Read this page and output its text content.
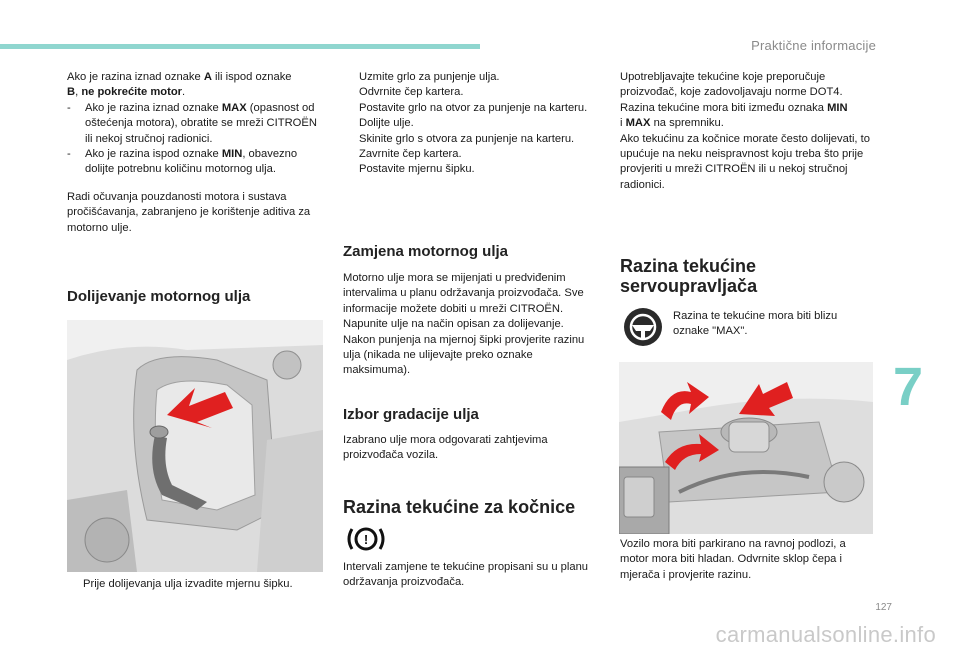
Praktične informacije

Ako je razina iznad oznake A ili ispod oznake
B, ne pokrećite motor.

- Ako je razina iznad oznake MAX (opasnost od oštećenja motora), obratite se mreži CITROËN ili nekoj stručnoj radionici.
- Ako je razina ispod oznake MIN, obavezno dolijte potrebnu količinu motornog ulja.

Radi očuvanja pouzdanosti motora i sustava pročišćavanja, zabranjeno je korištenje aditiva za motorno ulje.

Dolijevanje motornog ulja
Prije dolijevanja ulja izvadite mjernu šipku.
Uzmite grlo za punjenje ulja.
Odvrnite čep kartera.
Postavite grlo na otvor za punjenje na karteru.
Dolijte ulje.
Skinite grlo s otvora za punjenje na karteru.
Zavrnite čep kartera.
Postavite mjernu šipku.
Zamjena motornog ulja

Motorno ulje mora se mijenjati u predviđenim intervalima u planu održavanja proizvođača. Sve informacije možete dobiti u mreži CITROËN. Napunite ulje na način opisan za dolijevanje. Nakon punjenja na mjernoj šipki provjerite razinu ulja (nikada ne ulijevajte preko oznake maksimuma).

Izbor gradacije ulja

Izabrano ulje mora odgovarati zahtjevima proizvođača vozila.

Razina tekućine za kočnice
!

Intervali zamjene te tekućine propisani su u planu održavanja proizvođača.

Upotrebljavajte tekućine koje preporučuje proizvođač, koje zadovoljavaju norme DOT4. Razina tekućine mora biti između oznaka MIN
i MAX na spremniku.

Ako tekućinu za kočnice morate često dolijevati, to upućuje na neku neispravnost koju treba što prije provjeriti u mreži CITROËN ili u nekoj stručnoj radionici.

Razina tekućine
servoupravljača

Razina te tekućine mora biti blizu oznake "MAX".

Vozilo mora biti parkirano na ravnoj podlozi, a motor mora biti hladan. Odvrnite sklop čepa i mjerača i provjerite razinu.

7
127
carmanualsonline.info
